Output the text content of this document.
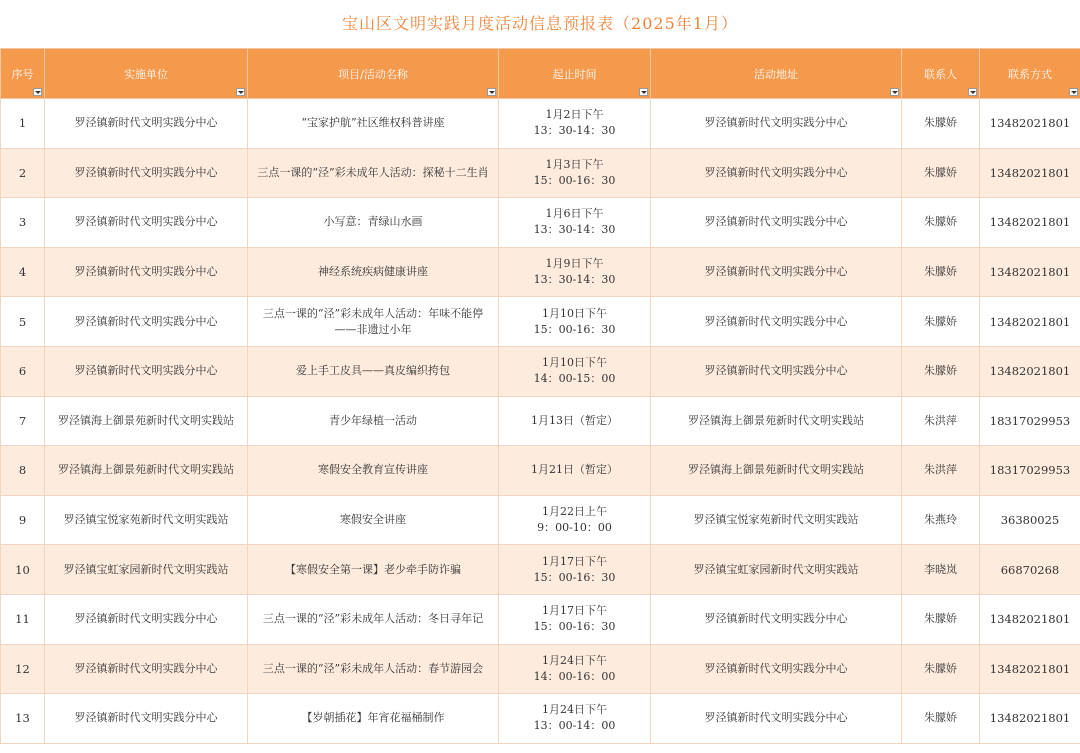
宝山区文明实践月度活动信息预报表（2025年1月）
序号	实施单位	项目/活动名称	起止时间	活动地址	联系人	联系方式

1	罗泾镇新时代文明实践分中心	“宝家护航”社区维权科普讲座	1月2日下午
13：30-14：30	罗泾镇新时代文明实践分中心	朱朦娇	13482021801
2	罗泾镇新时代文明实践分中心	三点一课的“泾”彩未成年人活动：探秘十二生肖	1月3日下午
15：00-16：30	罗泾镇新时代文明实践分中心	朱朦娇	13482021801
3	罗泾镇新时代文明实践分中心	小写意：青绿山水画	1月6日下午
13：30-14：30	罗泾镇新时代文明实践分中心	朱朦娇	13482021801
4	罗泾镇新时代文明实践分中心	神经系统疾病健康讲座	1月9日下午
13：30-14：30	罗泾镇新时代文明实践分中心	朱朦娇	13482021801
5	罗泾镇新时代文明实践分中心	三点一课的“泾”彩未成年人活动：年味不能停——非遗过小年	1月10日下午
15：00-16：30	罗泾镇新时代文明实践分中心	朱朦娇	13482021801
6	罗泾镇新时代文明实践分中心	爱上手工皮具——真皮编织挎包	1月10日下午
14：00-15：00	罗泾镇新时代文明实践分中心	朱朦娇	13482021801
7	罗泾镇海上御景苑新时代文明实践站	青少年绿植一活动	1月13日（暂定）	罗泾镇海上御景苑新时代文明实践站	朱洪萍	18317029953
8	罗泾镇海上御景苑新时代文明实践站	寒假安全教育宣传讲座	1月21日（暂定）	罗泾镇海上御景苑新时代文明实践站	朱洪萍	18317029953
9	罗泾镇宝悦家苑新时代文明实践站	寒假安全讲座	1月22日上午
9：00-10：00	罗泾镇宝悦家苑新时代文明实践站	朱燕玲	36380025
10	罗泾镇宝虹家园新时代文明实践站	【寒假安全第一课】老少牵手防诈骗	1月17日下午
15：00-16：30	罗泾镇宝虹家园新时代文明实践站	李晓岚	66870268
11	罗泾镇新时代文明实践分中心	三点一课的“泾”彩未成年人活动：冬日寻年记	1月17日下午
15：00-16：30	罗泾镇新时代文明实践分中心	朱朦娇	13482021801
12	罗泾镇新时代文明实践分中心	三点一课的“泾”彩未成年人活动：春节游园会	1月24日下午
14：00-16：00	罗泾镇新时代文明实践分中心	朱朦娇	13482021801
13	罗泾镇新时代文明实践分中心	【岁朝插花】年宵花福桶制作	1月24日下午
13：00-14：00	罗泾镇新时代文明实践分中心	朱朦娇	13482021801
